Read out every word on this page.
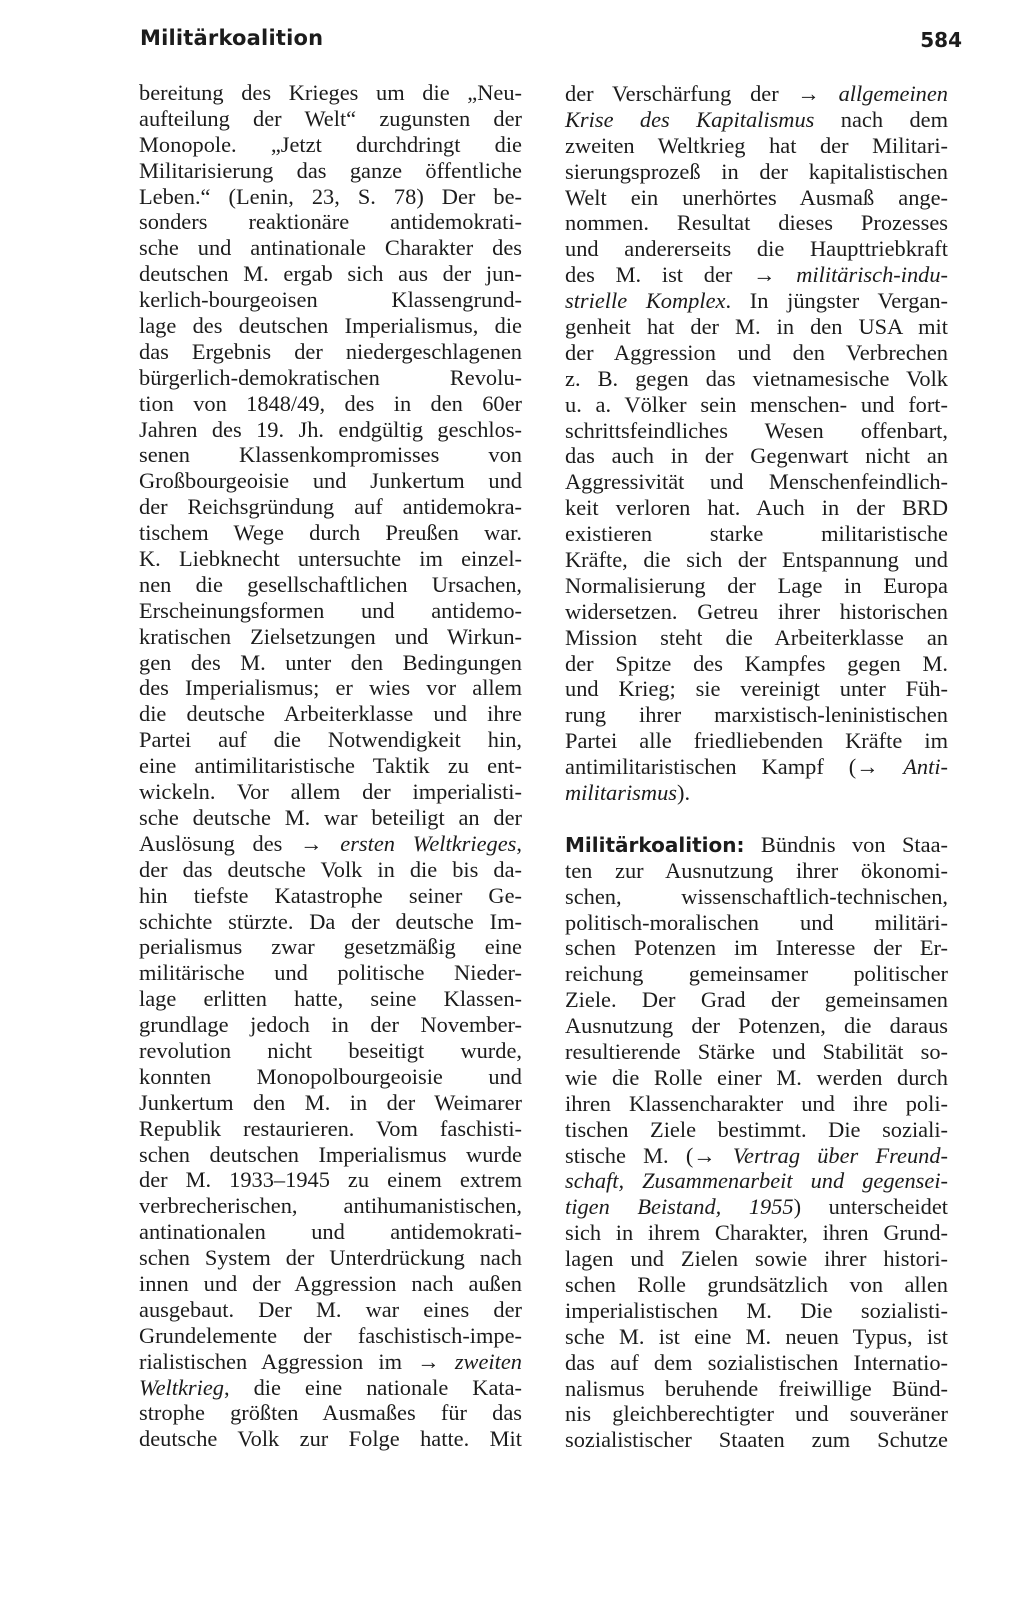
Militärkoalition	584
bereitung des Krieges um die „Neu-
aufteilung der Welt“ zugunsten der
Monopole. „Jetzt durchdringt die
Militarisierung das ganze öffentliche
Leben.“ (Lenin, 23, S. 78) Der be-
sonders reaktionäre antidemokrati-
sche und antinationale Charakter des
deutschen M. ergab sich aus der jun-
kerlich-bourgeoisen Klassengrund-
lage des deutschen Imperialismus, die
das Ergebnis der niedergeschlagenen
bürgerlich-demokratischen Revolu-
tion von 1848/49, des in den 60er
Jahren des 19. Jh. endgültig geschlos-
senen Klassenkompromisses von
Großbourgeoisie und Junkertum und
der Reichsgründung auf antidemokra-
tischem Wege durch Preußen war.
K. Liebknecht untersuchte im einzel-
nen die gesellschaftlichen Ursachen,
Erscheinungsformen und antidemo-
kratischen Zielsetzungen und Wirkun-
gen des M. unter den Bedingungen
des Imperialismus; er wies vor allem
die deutsche Arbeiterklasse und ihre
Partei auf die Notwendigkeit hin,
eine antimilitaristische Taktik zu ent-
wickeln. Vor allem der imperialisti-
sche deutsche M. war beteiligt an der
Auslösung des → ersten Weltkrieges,
der das deutsche Volk in die bis da-
hin tiefste Katastrophe seiner Ge-
schichte stürzte. Da der deutsche Im-
perialismus zwar gesetzmäßig eine
militärische und politische Nieder-
lage erlitten hatte, seine Klassen-
grundlage jedoch in der November-
revolution nicht beseitigt wurde,
konnten Monopolbourgeoisie und
Junkertum den M. in der Weimarer
Republik restaurieren. Vom faschisti-
schen deutschen Imperialismus wurde
der M. 1933–1945 zu einem extrem
verbrecherischen, antihumanistischen,
antinationalen und antidemokrati-
schen System der Unterdrückung nach
innen und der Aggression nach außen
ausgebaut. Der M. war eines der
Grundelemente der faschistisch-impe-
rialistischen Aggression im → zweiten
Weltkrieg, die eine nationale Kata-
strophe größten Ausmaßes für das
deutsche Volk zur Folge hatte. Mit
der Verschärfung der → allgemeinen
Krise des Kapitalismus nach dem
zweiten Weltkrieg hat der Militari-
sierungsprozeß in der kapitalistischen
Welt ein unerhörtes Ausmaß ange-
nommen. Resultat dieses Prozesses
und andererseits die Haupttriebkraft
des M. ist der → militärisch-indu-
strielle Komplex. In jüngster Vergan-
genheit hat der M. in den USA mit
der Aggression und den Verbrechen
z. B. gegen das vietnamesische Volk
u. a. Völker sein menschen- und fort-
schrittsfeindliches Wesen offenbart,
das auch in der Gegenwart nicht an
Aggressivität und Menschenfeindlich-
keit verloren hat. Auch in der BRD
existieren starke militaristische
Kräfte, die sich der Entspannung und
Normalisierung der Lage in Europa
widersetzen. Getreu ihrer historischen
Mission steht die Arbeiterklasse an
der Spitze des Kampfes gegen M.
und Krieg; sie vereinigt unter Füh-
rung ihrer marxistisch-leninistischen
Partei alle friedliebenden Kräfte im
antimilitaristischen Kampf (→ Anti-
militarismus).
Militärkoalition: Bündnis von Staa-
ten zur Ausnutzung ihrer ökonomi-
schen, wissenschaftlich-technischen,
politisch-moralischen und militäri-
schen Potenzen im Interesse der Er-
reichung gemeinsamer politischer
Ziele. Der Grad der gemeinsamen
Ausnutzung der Potenzen, die daraus
resultierende Stärke und Stabilität so-
wie die Rolle einer M. werden durch
ihren Klassencharakter und ihre poli-
tischen Ziele bestimmt. Die soziali-
stische M. (→ Vertrag über Freund-
schaft, Zusammenarbeit und gegensei-
tigen Beistand, 1955) unterscheidet
sich in ihrem Charakter, ihren Grund-
lagen und Zielen sowie ihrer histori-
schen Rolle grundsätzlich von allen
imperialistischen M. Die sozialisti-
sche M. ist eine M. neuen Typus, ist
das auf dem sozialistischen Internatio-
nalismus beruhende freiwillige Bünd-
nis gleichberechtigter und souveräner
sozialistischer Staaten zum Schutze
